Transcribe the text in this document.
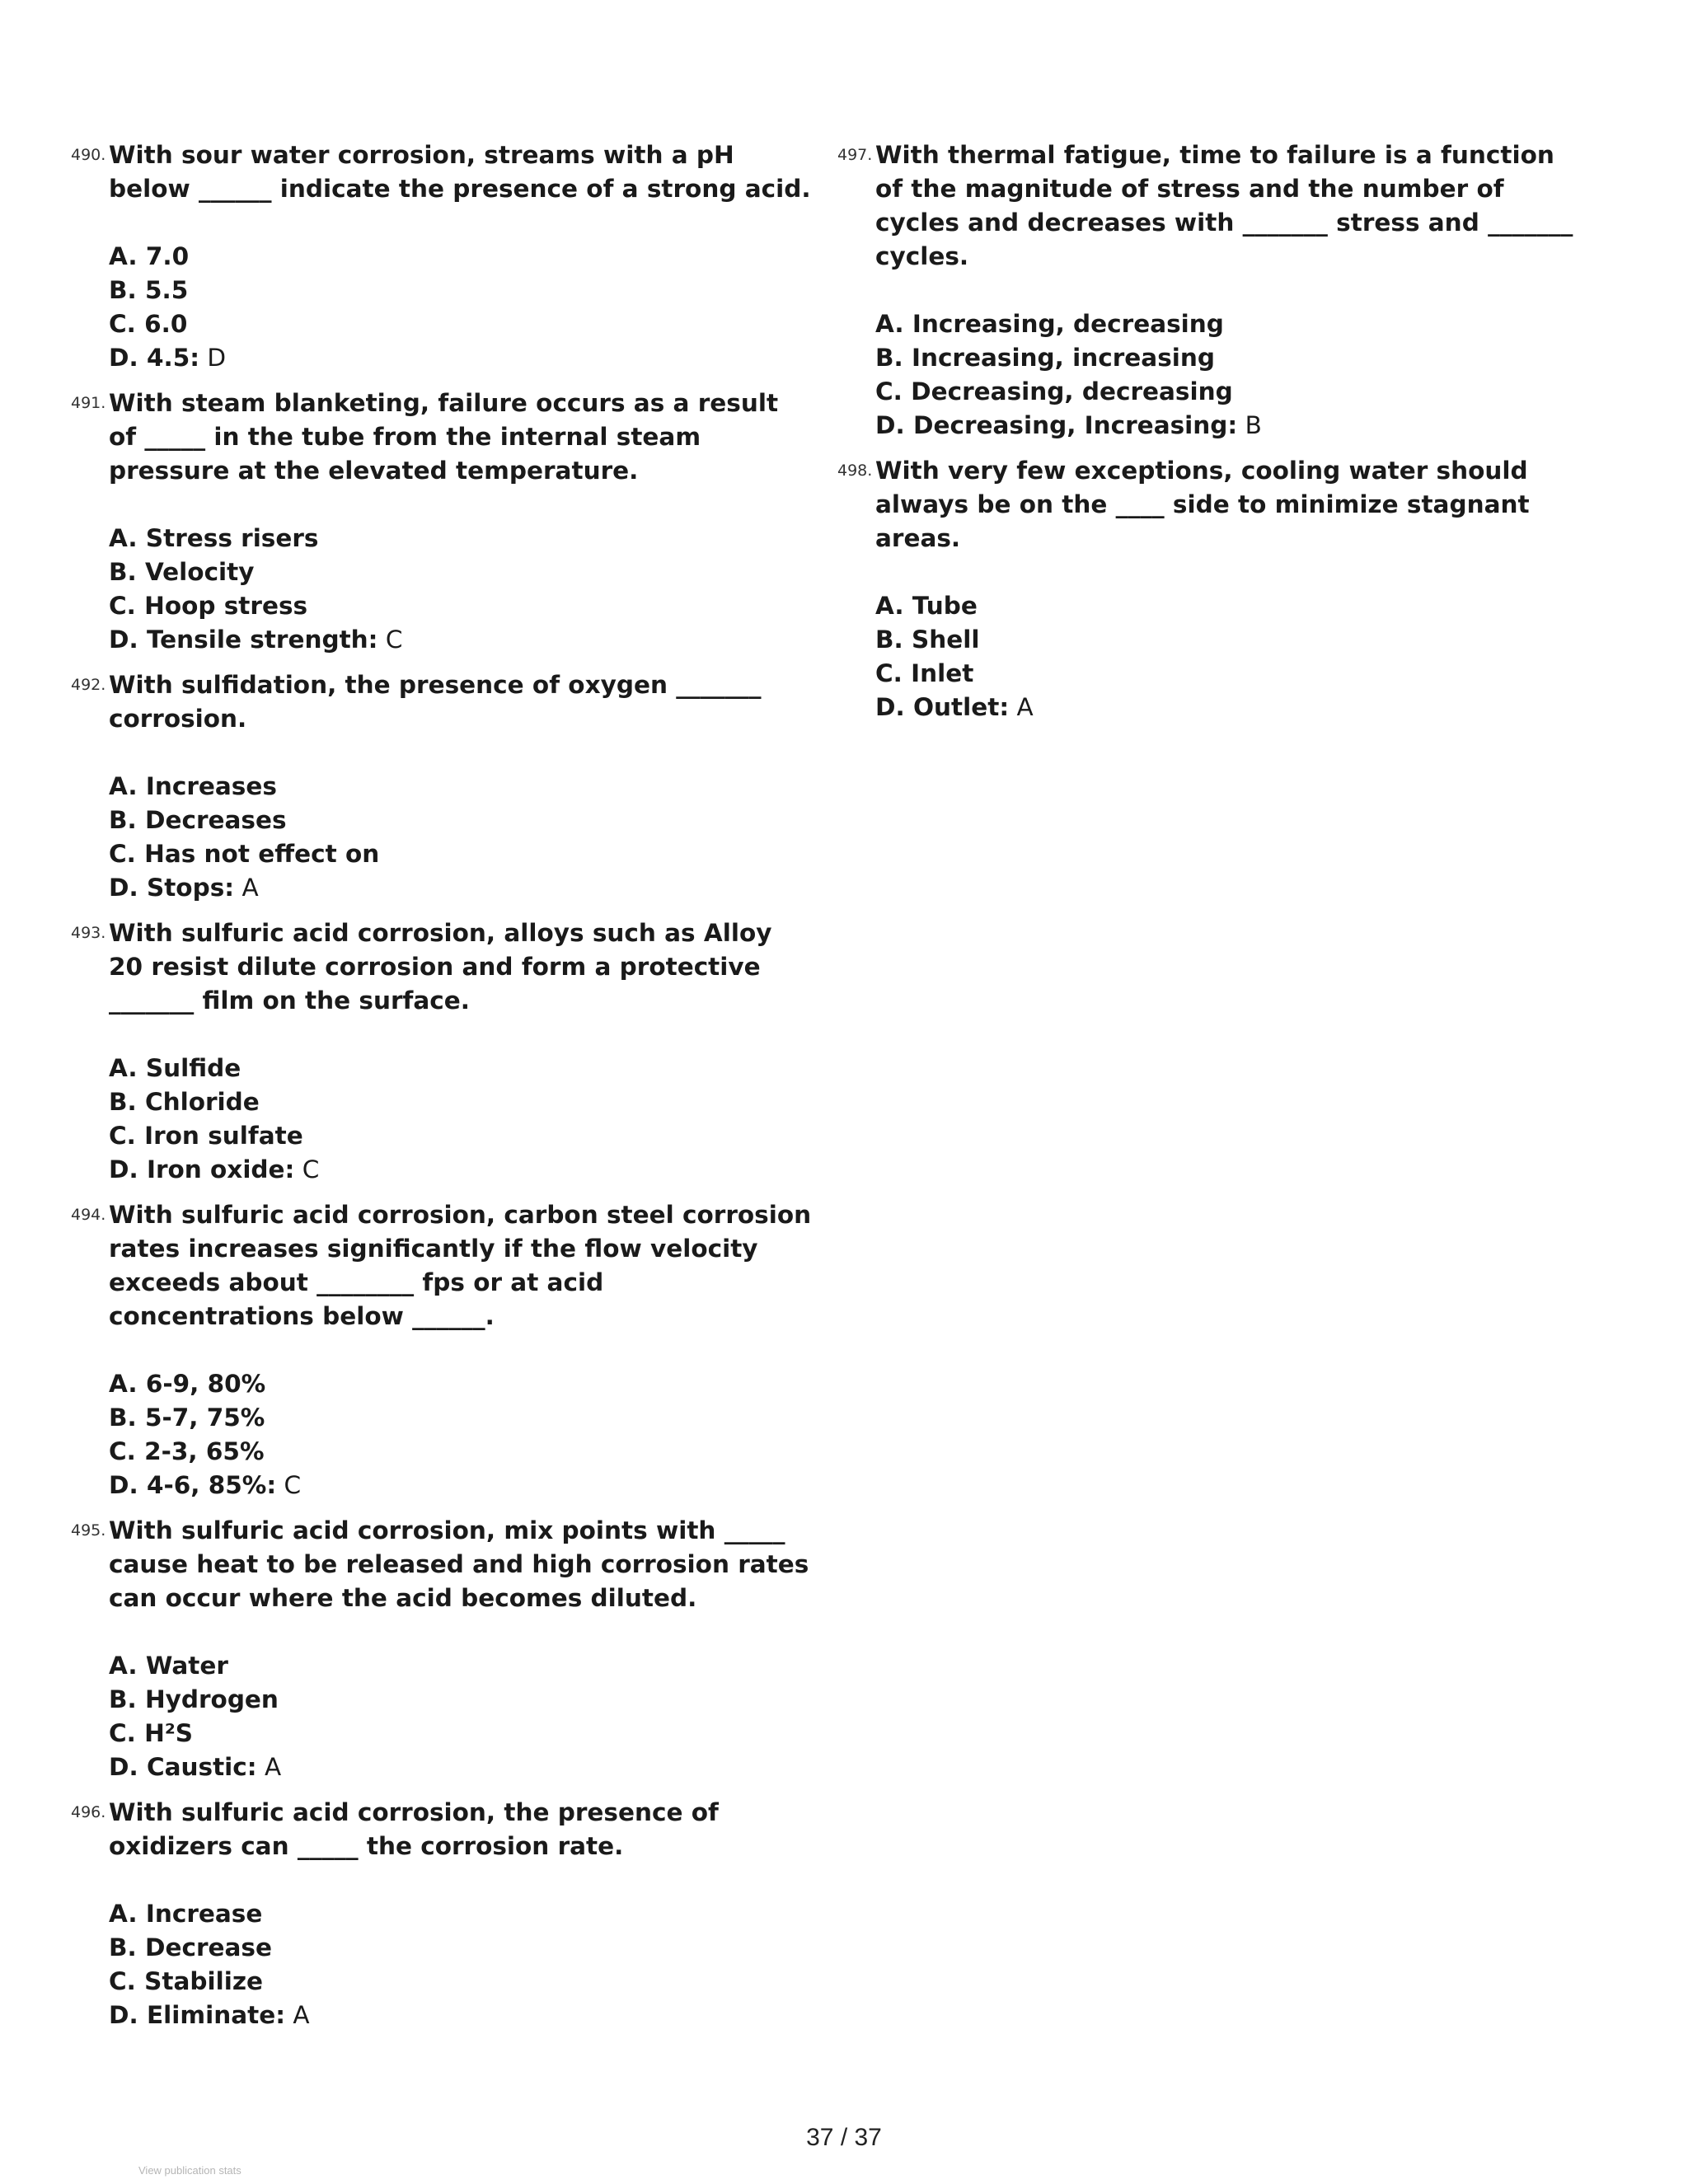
490. With sour water corrosion, streams with a pH below ______ indicate the presence of a strong acid.

A. 7.0
B. 5.5
C. 6.0
D. 4.5: D
491. With steam blanketing, failure occurs as a result of _____ in the tube from the internal steam pressure at the elevated temperature.

A. Stress risers
B. Velocity
C. Hoop stress
D. Tensile strength: C
492. With sulfidation, the presence of oxygen _______ corrosion.

A. Increases
B. Decreases
C. Has not effect on
D. Stops: A
493. With sulfuric acid corrosion, alloys such as Alloy 20 resist dilute corrosion and form a protective _______ film on the surface.

A. Sulfide
B. Chloride
C. Iron sulfate
D. Iron oxide: C
494. With sulfuric acid corrosion, carbon steel corrosion rates increases significantly if the flow velocity exceeds about ________ fps or at acid concentrations below ______.

A. 6-9, 80%
B. 5-7, 75%
C. 2-3, 65%
D. 4-6, 85%: C
495. With sulfuric acid corrosion, mix points with _____ cause heat to be released and high corrosion rates can occur where the acid becomes diluted.

A. Water
B. Hydrogen
C. H²S
D. Caustic: A
496. With sulfuric acid corrosion, the presence of oxidizers can _____ the corrosion rate.

A. Increase
B. Decrease
C. Stabilize
D. Eliminate: A
497. With thermal fatigue, time to failure is a function of the magnitude of stress and the number of cycles and decreases with _______ stress and _______ cycles.

A. Increasing, decreasing
B. Increasing, increasing
C. Decreasing, decreasing
D. Decreasing, Increasing: B
498. With very few exceptions, cooling water should always be on the ____ side to minimize stagnant areas.

A. Tube
B. Shell
C. Inlet
D. Outlet: A
37 / 37
View publication stats
